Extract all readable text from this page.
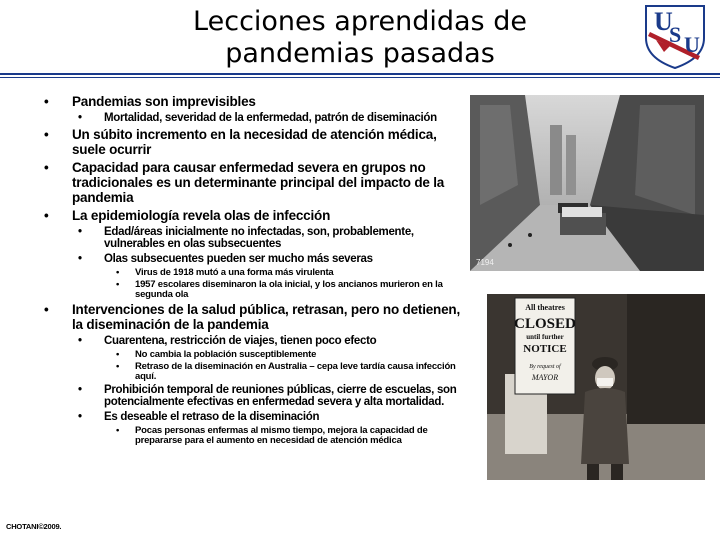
Lecciones aprendidas de
pandemias pasadas
U
S U
• Pandemias son imprevisibles
• Mortalidad, severidad de la enfermedad, patrón de diseminación
• Un súbito incremento en la necesidad de atención médica, suele ocurrir
• Capacidad para causar enfermedad severa en grupos no tradicionales es un determinante principal del impacto de la pandemia
• La epidemiología revela olas de infección
• Edad/áreas inicialmente no infectadas, son, probablemente, vulnerables en olas subsecuentes
• Olas subsecuentes pueden ser mucho más severas
• Virus de 1918 mutó a una forma más virulenta
• 1957 escolares diseminaron la ola inicial, y los ancianos murieron en la segunda ola
• Intervenciones de la salud pública, retrasan, pero no detienen, la diseminación de la pandemia
• Cuarentena, restricción de viajes, tienen poco efecto
• No cambia la población susceptiblemente
• Retraso de la diseminación en Australia – cepa leve tardía causa infección aquí.
• Prohibición temporal de reuniones públicas, cierre de escuelas, son potencialmente efectivas en enfermedad severa y alta mortalidad.
• Es deseable el retraso de la diseminación
• Pocas personas enfermas al mismo tiempo, mejora la capacidad de prepararse para el aumento en necesidad de atención médica
7194
All theatres
CLOSED
until further
NOTICE
By request of
MAYOR
CHOTANI©2009.
